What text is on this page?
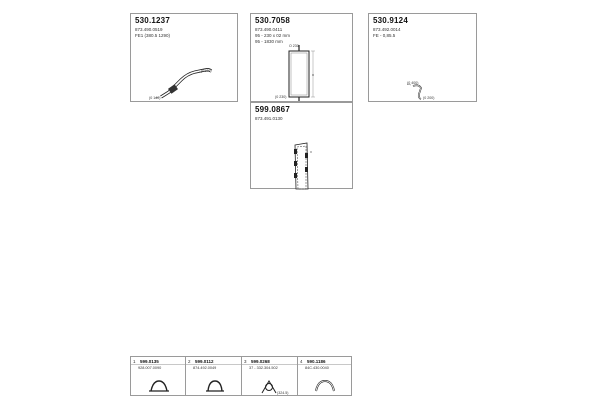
530.1237
873.490.0519
FE1 (380.5 1290)
(0100)
(0 140)
530.7058
873.490.0411
95 - 230 x 02 mm
95 - 1830 mm
O 230
(0 230)
530.9124
873.492.0014
FE - 0,85.5
(0 400)
(0 200)
599.0867
873.491.0130
1 599.0135
928.007.0090
2 599.0112
874.492.0049
3 599.0268
37 - 332.304.502
(324.5)
4 590.1186
84C.430.0040
